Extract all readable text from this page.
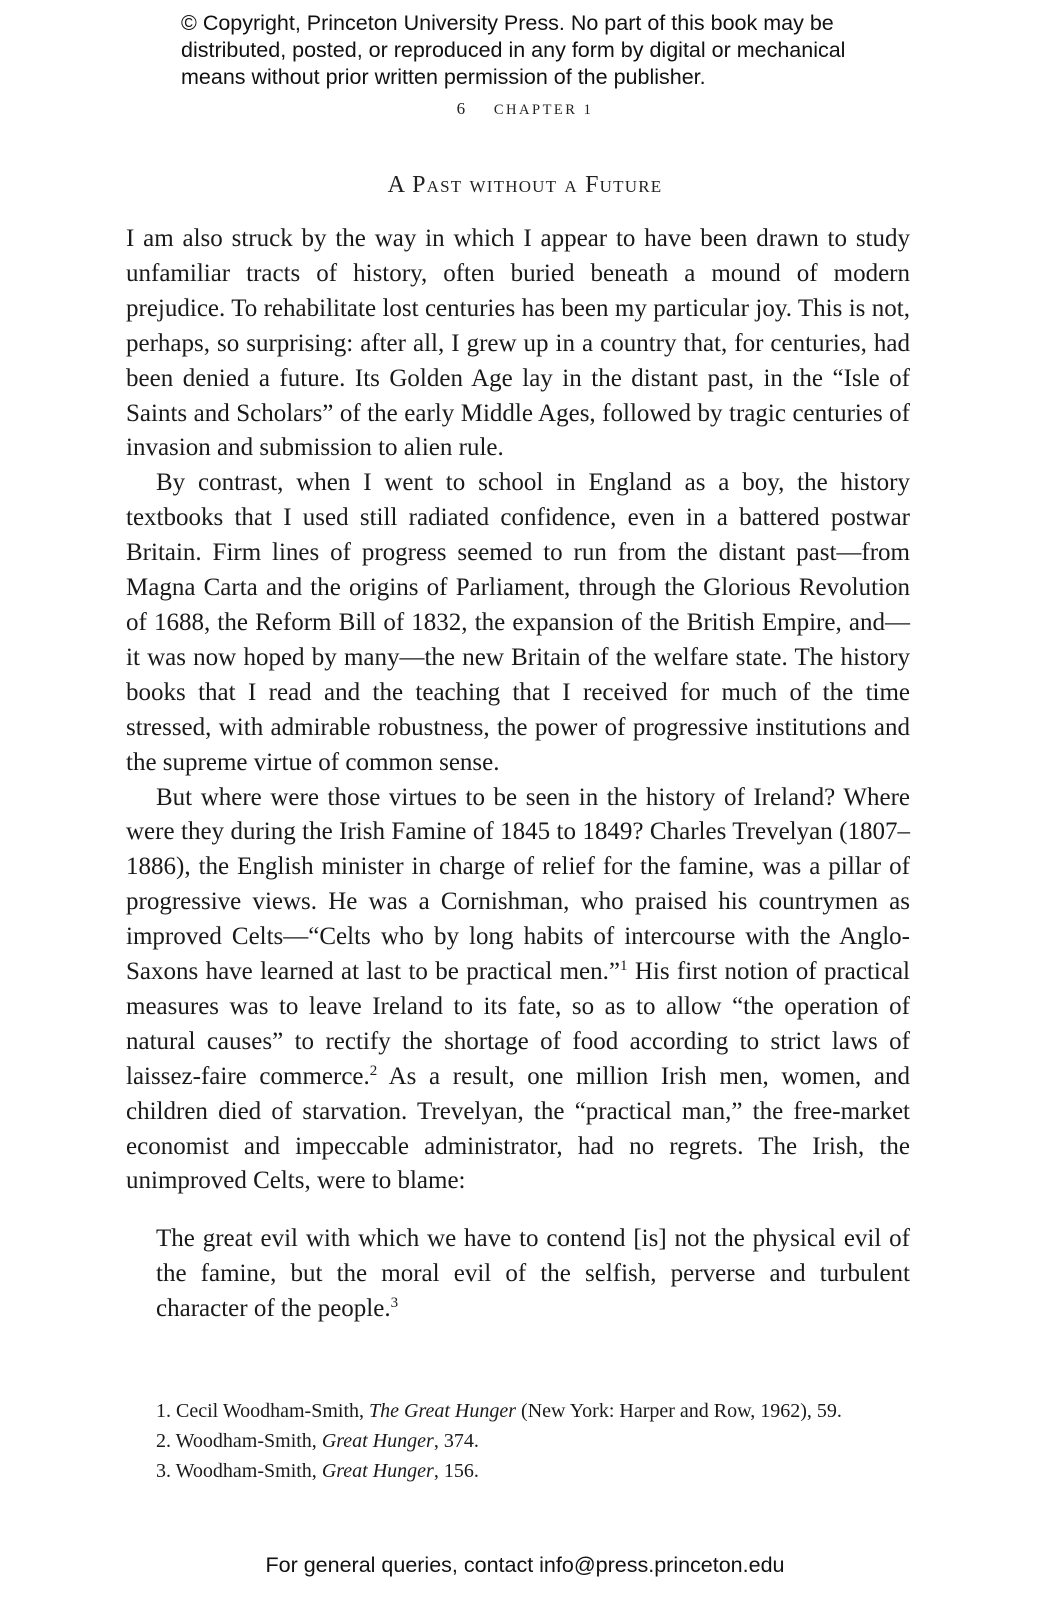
© Copyright, Princeton University Press. No part of this book may be
distributed, posted, or reproduced in any form by digital or mechanical
means without prior written permission of the publisher.
6 CHAPTER 1
A Past without a Future

I am also struck by the way in which I appear to have been drawn to study unfamiliar tracts of history, often buried beneath a mound of modern prejudice. To rehabilitate lost centuries has been my particular joy. This is not, perhaps, so surprising: after all, I grew up in a country that, for centuries, had been denied a future. Its Golden Age lay in the distant past, in the “Isle of Saints and Scholars” of the early Middle Ages, followed by tragic centuries of invasion and submission to alien rule.

By contrast, when I went to school in England as a boy, the history textbooks that I used still radiated confidence, even in a battered postwar Britain. Firm lines of progress seemed to run from the distant past—from Magna Carta and the origins of Parliament, through the Glorious Revolution of 1688, the Reform Bill of 1832, the expansion of the British Empire, and—it was now hoped by many—the new Britain of the welfare state. The history books that I read and the teaching that I received for much of the time stressed, with admirable robustness, the power of progressive institutions and the supreme virtue of common sense.

But where were those virtues to be seen in the history of Ireland? Where were they during the Irish Famine of 1845 to 1849? Charles Trevelyan (1807–1886), the English minister in charge of relief for the famine, was a pillar of progressive views. He was a Cornishman, who praised his countrymen as improved Celts—“Celts who by long habits of intercourse with the Anglo-Saxons have learned at last to be practical men.”$^1$ His first notion of practical measures was to leave Ireland to its fate, so as to allow “the operation of natural causes” to rectify the shortage of food according to strict laws of laissez-faire commerce.$^2$ As a result, one million Irish men, women, and children died of starvation. Trevelyan, the “practical man,” the free-market economist and impeccable administrator, had no regrets. The Irish, the unimproved Celts, were to blame:

The great evil with which we have to contend [is] not the physical evil of the famine, but the moral evil of the selfish, perverse and turbulent character of the people.$^3$
1. Cecil Woodham-Smith, The Great Hunger (New York: Harper and Row, 1962), 59.
2. Woodham-Smith, Great Hunger, 374.
3. Woodham-Smith, Great Hunger, 156.
For general queries, contact info@press.princeton.edu
